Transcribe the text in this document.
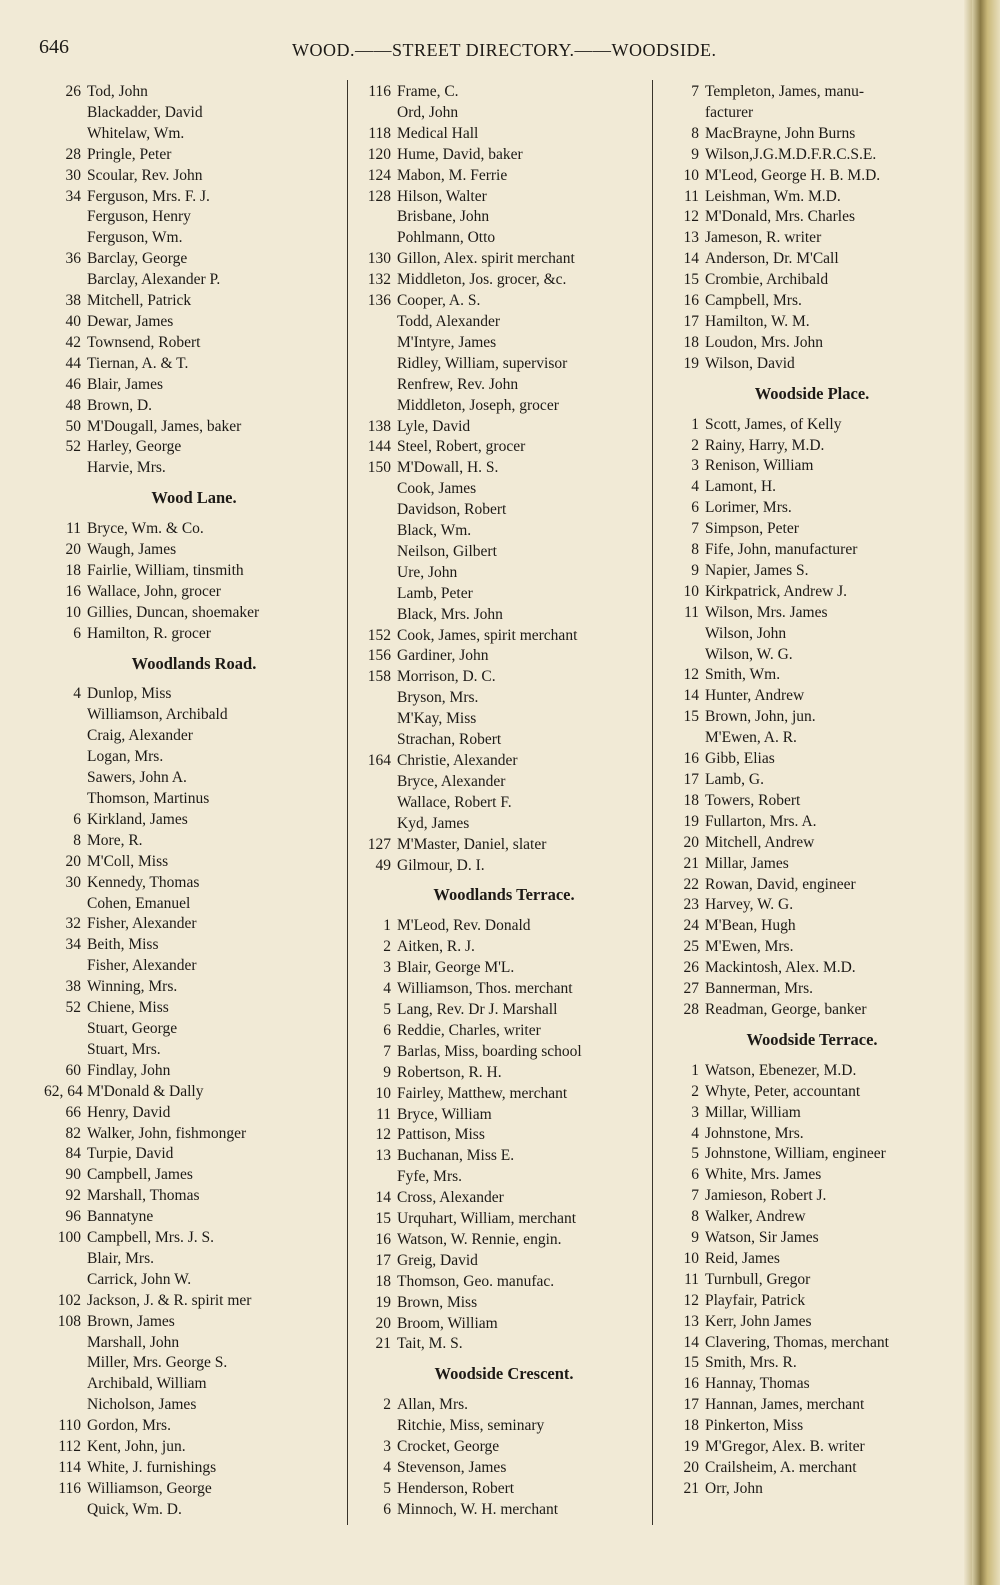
646	WOOD.——STREET DIRECTORY.——WOODSIDE.
26 Tod, John
Blackadder, David
Whitelaw, Wm.
28 Pringle, Peter
30 Scoular, Rev. John
34 Ferguson, Mrs. F. J.
Ferguson, Henry
Ferguson, Wm.
36 Barclay, George
Barclay, Alexander P.
38 Mitchell, Patrick
40 Dewar, James
42 Townsend, Robert
44 Tiernan, A. & T.
46 Blair, James
48 Brown, D.
50 M'Dougall, James, baker
52 Harley, George
Harvie, Mrs.
Wood Lane.
11 Bryce, Wm. & Co.
20 Waugh, James
18 Fairlie, William, tinsmith
16 Wallace, John, grocer
10 Gillies, Duncan, shoemaker
6 Hamilton, R. grocer
Woodlands Road.
4 Dunlop, Miss
Williamson, Archibald
Craig, Alexander
Logan, Mrs.
Sawers, John A.
Thomson, Martinus
6 Kirkland, James
8 More, R.
20 M'Coll, Miss
30 Kennedy, Thomas
Cohen, Emanuel
32 Fisher, Alexander
34 Beith, Miss
Fisher, Alexander
38 Winning, Mrs.
52 Chiene, Miss
Stuart, George
Stuart, Mrs.
60 Findlay, John
62, 64 M'Donald & Dally
66 Henry, David
82 Walker, John, fishmonger
84 Turpie, David
90 Campbell, James
92 Marshall, Thomas
96 Bannatyne
100 Campbell, Mrs. J. S.
Blair, Mrs.
Carrick, John W.
102 Jackson, J. & R. spirit mer
108 Brown, James
Marshall, John
Miller, Mrs. George S.
Archibald, William
Nicholson, James
110 Gordon, Mrs.
112 Kent, John, jun.
114 White, J. furnishings
116 Williamson, George
Quick, Wm. D.
116 Frame, C.
Ord, John
118 Medical Hall
120 Hume, David, baker
124 Mabon, M. Ferrie
128 Hilson, Walter
Brisbane, John
Pohlmann, Otto
130 Gillon, Alex. spirit merchant
132 Middleton, Jos. grocer, &c.
136 Cooper, A. S.
Todd, Alexander
M'Intyre, James
Ridley, William, supervisor
Renfrew, Rev. John
Middleton, Joseph, grocer
138 Lyle, David
144 Steel, Robert, grocer
150 M'Dowall, H. S.
Cook, James
Davidson, Robert
Black, Wm.
Neilson, Gilbert
Ure, John
Lamb, Peter
Black, Mrs. John
152 Cook, James, spirit merchant
156 Gardiner, John
158 Morrison, D. C.
Bryson, Mrs.
M'Kay, Miss
Strachan, Robert
164 Christie, Alexander
Bryce, Alexander
Wallace, Robert F.
Kyd, James
127 M'Master, Daniel, slater
49 Gilmour, D. I.
Woodlands Terrace.
1 M'Leod, Rev. Donald
2 Aitken, R. J.
3 Blair, George M'L.
4 Williamson, Thos. merchant
5 Lang, Rev. Dr J. Marshall
6 Reddie, Charles, writer
7 Barlas, Miss, boarding school
9 Robertson, R. H.
10 Fairley, Matthew, merchant
11 Bryce, William
12 Pattison, Miss
13 Buchanan, Miss E.
Fyfe, Mrs.
14 Cross, Alexander
15 Urquhart, William, merchant
16 Watson, W. Rennie, engin.
17 Greig, David
18 Thomson, Geo. manufac.
19 Brown, Miss
20 Broom, William
21 Tait, M. S.
Woodside Crescent.
2 Allan, Mrs.
Ritchie, Miss, seminary
3 Crocket, George
4 Stevenson, James
5 Henderson, Robert
6 Minnoch, W. H. merchant
7 Templeton, James, manu-
facturer
8 MacBrayne, John Burns
9 Wilson,J.G.M.D.F.R.C.S.E.
10 M'Leod, George H. B. M.D.
11 Leishman, Wm. M.D.
12 M'Donald, Mrs. Charles
13 Jameson, R. writer
14 Anderson, Dr. M'Call
15 Crombie, Archibald
16 Campbell, Mrs.
17 Hamilton, W. M.
18 Loudon, Mrs. John
19 Wilson, David
Woodside Place.
1 Scott, James, of Kelly
2 Rainy, Harry, M.D.
3 Renison, William
4 Lamont, H.
6 Lorimer, Mrs.
7 Simpson, Peter
8 Fife, John, manufacturer
9 Napier, James S.
10 Kirkpatrick, Andrew J.
11 Wilson, Mrs. James
Wilson, John
Wilson, W. G.
12 Smith, Wm.
14 Hunter, Andrew
15 Brown, John, jun.
M'Ewen, A. R.
16 Gibb, Elias
17 Lamb, G.
18 Towers, Robert
19 Fullarton, Mrs. A.
20 Mitchell, Andrew
21 Millar, James
22 Rowan, David, engineer
23 Harvey, W. G.
24 M'Bean, Hugh
25 M'Ewen, Mrs.
26 Mackintosh, Alex. M.D.
27 Bannerman, Mrs.
28 Readman, George, banker
Woodside Terrace.
1 Watson, Ebenezer, M.D.
2 Whyte, Peter, accountant
3 Millar, William
4 Johnstone, Mrs.
5 Johnstone, William, engineer
6 White, Mrs. James
7 Jamieson, Robert J.
8 Walker, Andrew
9 Watson, Sir James
10 Reid, James
11 Turnbull, Gregor
12 Playfair, Patrick
13 Kerr, John James
14 Clavering, Thomas, merchant
15 Smith, Mrs. R.
16 Hannay, Thomas
17 Hannan, James, merchant
18 Pinkerton, Miss
19 M'Gregor, Alex. B. writer
20 Crailsheim, A. merchant
21 Orr, John
